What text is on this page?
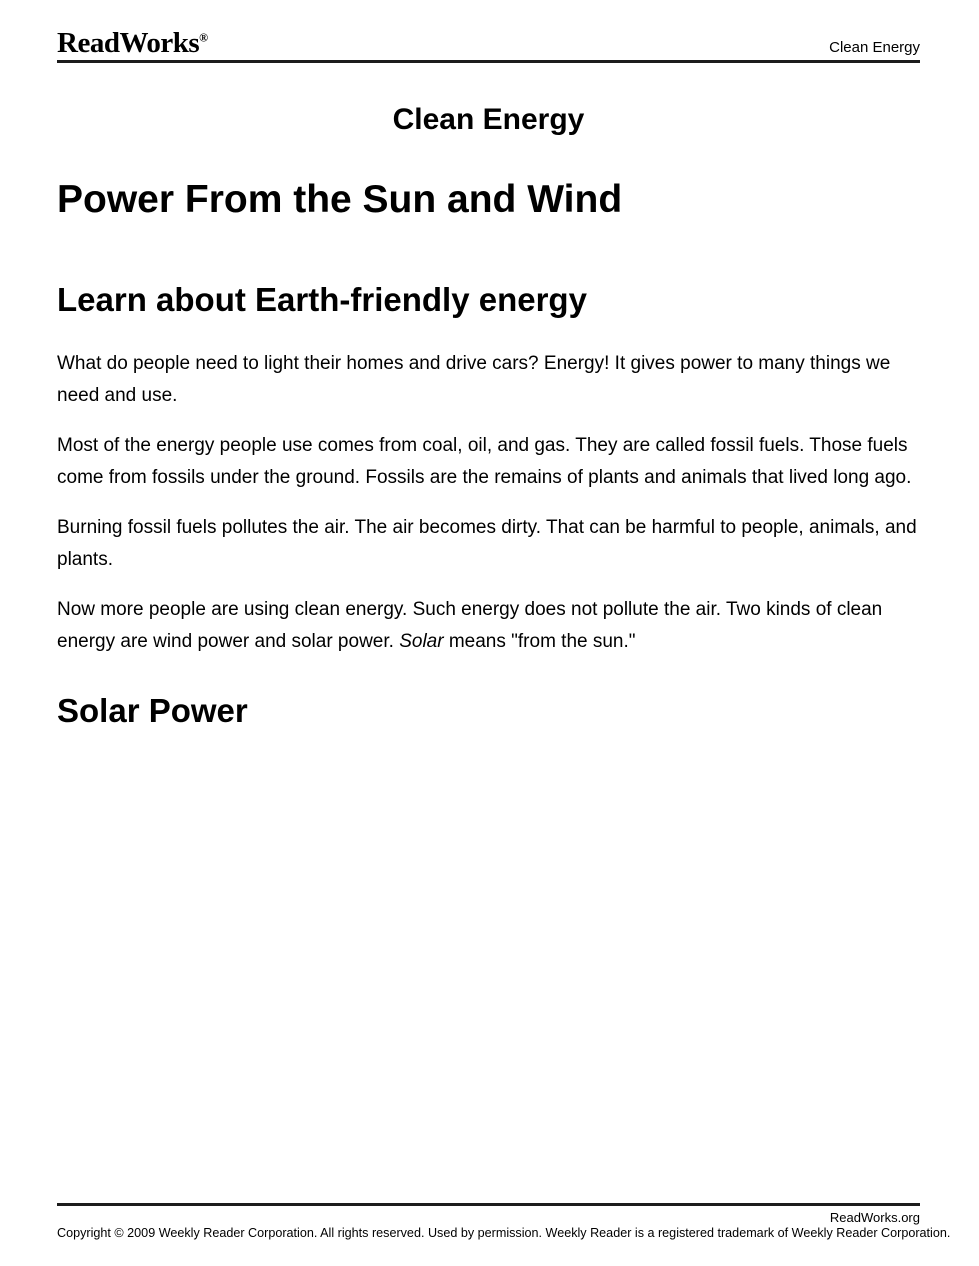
ReadWorks®
Clean Energy
Clean Energy
Power From the Sun and Wind
Learn about Earth-friendly energy

What do people need to light their homes and drive cars? Energy! It gives power to many things we need and use.

Most of the energy people use comes from coal, oil, and gas. They are called fossil fuels. Those fuels come from fossils under the ground. Fossils are the remains of plants and animals that lived long ago.

Burning fossil fuels pollutes the air. The air becomes dirty. That can be harmful to people, animals, and plants.

Now more people are using clean energy. Such energy does not pollute the air. Two kinds of clean energy are wind power and solar power. Solar means "from the sun."

Solar Power
ReadWorks.org
Copyright © 2009 Weekly Reader Corporation. All rights reserved. Used by permission. Weekly Reader is a registered trademark of Weekly Reader Corporation.
